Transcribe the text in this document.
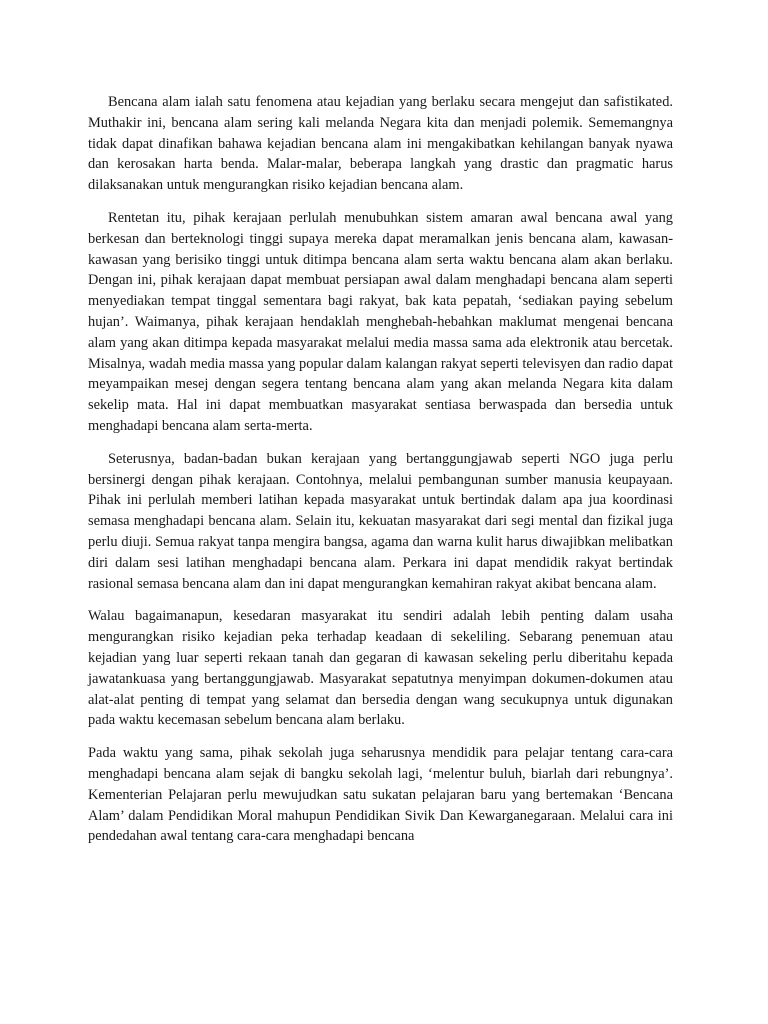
Bencana alam ialah satu fenomena atau kejadian yang berlaku secara mengejut dan safistikated. Muthakir ini, bencana alam sering kali melanda Negara kita dan menjadi polemik. Sememangnya tidak dapat dinafikan bahawa kejadian bencana alam ini mengakibatkan kehilangan banyak nyawa dan kerosakan harta benda. Malar-malar, beberapa langkah yang drastic dan pragmatic harus dilaksanakan untuk mengurangkan risiko kejadian bencana alam.

Rentetan itu, pihak kerajaan perlulah menubuhkan sistem amaran awal bencana awal yang berkesan dan berteknologi tinggi supaya mereka dapat meramalkan jenis bencana alam, kawasan-kawasan yang berisiko tinggi untuk ditimpa bencana alam serta waktu bencana alam akan berlaku. Dengan ini, pihak kerajaan dapat membuat persiapan awal dalam menghadapi bencana alam seperti menyediakan tempat tinggal sementara bagi rakyat, bak kata pepatah, ‘sediakan paying sebelum hujan’. Waimanya, pihak kerajaan hendaklah menghebah-hebahkan maklumat mengenai bencana alam yang akan ditimpa kepada masyarakat melalui media massa sama ada elektronik atau bercetak. Misalnya, wadah media massa yang popular dalam kalangan rakyat seperti televisyen dan radio dapat meyampaikan mesej dengan segera tentang bencana alam yang akan melanda Negara kita dalam sekelip mata. Hal ini dapat membuatkan masyarakat sentiasa berwaspada dan bersedia untuk menghadapi bencana alam serta-merta.

Seterusnya, badan-badan bukan kerajaan yang bertanggungjawab seperti NGO juga perlu bersinergi dengan pihak kerajaan. Contohnya, melalui pembangunan sumber manusia keupayaan. Pihak ini perlulah memberi latihan kepada masyarakat untuk bertindak dalam apa jua koordinasi semasa menghadapi bencana alam. Selain itu, kekuatan masyarakat dari segi mental dan fizikal juga perlu diuji. Semua rakyat tanpa mengira bangsa, agama dan warna kulit harus diwajibkan melibatkan diri dalam sesi latihan menghadapi bencana alam. Perkara ini dapat mendidik rakyat bertindak rasional semasa bencana alam dan ini dapat mengurangkan kemahiran rakyat akibat bencana alam.

Walau bagaimanapun, kesedaran masyarakat itu sendiri adalah lebih penting dalam usaha mengurangkan risiko kejadian peka terhadap keadaan di sekeliling. Sebarang penemuan atau kejadian yang luar seperti rekaan tanah dan gegaran di kawasan sekeling perlu diberitahu kepada jawatankuasa yang bertanggungjawab. Masyarakat sepatutnya menyimpan dokumen-dokumen atau alat-alat penting di tempat yang selamat dan bersedia dengan wang secukupnya untuk digunakan pada waktu kecemasan sebelum bencana alam berlaku.

Pada waktu yang sama, pihak sekolah juga seharusnya mendidik para pelajar tentang cara-cara menghadapi bencana alam sejak di bangku sekolah lagi, ‘melentur buluh, biarlah dari rebungnya’. Kementerian Pelajaran perlu mewujudkan satu sukatan pelajaran baru yang bertemakan ‘Bencana Alam’ dalam Pendidikan Moral mahupun Pendidikan Sivik Dan Kewarganegaraan. Melalui cara ini pendedahan awal tentang cara-cara menghadapi bencana
